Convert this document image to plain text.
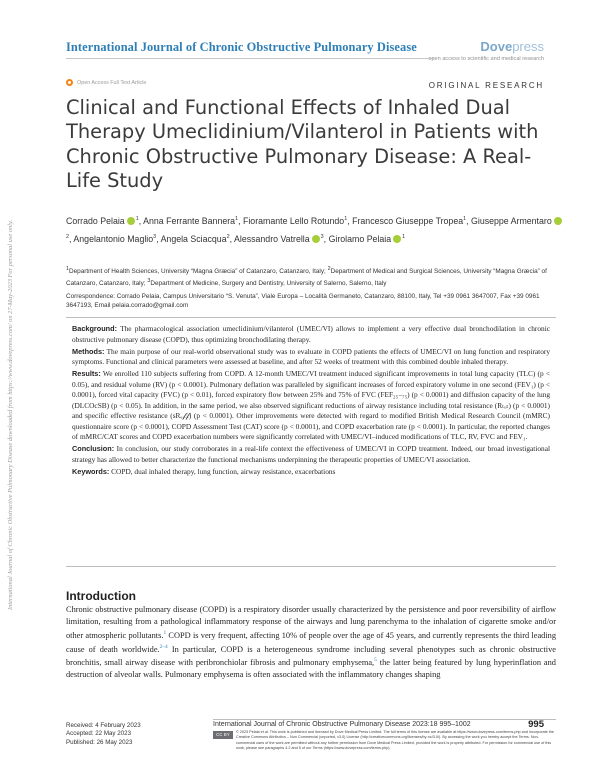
International Journal of Chronic Obstructive Pulmonary Disease downloaded from https://www.dovepress.com/ on 27-May-2023 For personal use only.
International Journal of Chronic Obstructive Pulmonary Disease	Dovepress
open access to scientific and medical research
Open Access Full Text Article	ORIGINAL RESEARCH
Clinical and Functional Effects of Inhaled Dual Therapy Umeclidinium/Vilanterol in Patients with Chronic Obstructive Pulmonary Disease: A Real-Life Study
Corrado Pelaia $^1$, Anna Ferrante Bannera$^1$, Fioramante Lello Rotundo$^1$, Francesco Giuseppe Tropea$^1$, Giuseppe Armentaro$^2$, Angelantonio Maglio$^3$, Angela Sciacqua$^2$, Alessandro Vatrella $^3$, Girolamo Pelaia $^1$
$^1$Department of Health Sciences, University “Magna Græcia” of Catanzaro, Catanzaro, Italy; $^2$Department of Medical and Surgical Sciences, University “Magna Græcia” of Catanzaro, Catanzaro, Italy; $^3$Department of Medicine, Surgery and Dentistry, University of Salerno, Salerno, Italy
Correspondence: Corrado Pelaia, Campus Universitario “S. Venuta”, Viale Europa – Località Germaneto, Catanzaro, 88100, Italy, Tel +39 0961 3647007, Fax +39 0961 3647193, Email pelaia.corrado@gmail.com

Background: The pharmacological association umeclidinium/vilanterol (UMEC/VI) allows to implement a very effective dual bronchodilation in chronic obstructive pulmonary disease (COPD), thus optimizing bronchodilating therapy.

Methods: The main purpose of our real-world observational study was to evaluate in COPD patients the effects of UMEC/VI on lung function and respiratory symptoms. Functional and clinical parameters were assessed at baseline, and after 52 weeks of treatment with this combined double inhaled therapy.

Results: We enrolled 110 subjects suffering from COPD. A 12-month UMEC/VI treatment induced significant improvements in total lung capacity (TLC) (p < 0.05), and residual volume (RV) (p < 0.0001). Pulmonary deflation was paralleled by significant increases of forced expiratory volume in one second (FEV₁) (p < 0.0001), forced vital capacity (FVC) (p < 0.01), forced expiratory flow between 25% and 75% of FVC (FEF₂₅₋₇₅) (p < 0.0001) and diffusion capacity of the lung (DLCOcSB) (p < 0.05). In addition, in the same period, we also observed significant reductions of airway resistance including total resistance (Rₜₒₜ) (p < 0.0001) and specific effective resistance (sRₑ𝒻𝒻) (p < 0.0001). Other improvements were detected with regard to modified British Medical Research Council (mMRC) questionnaire score (p < 0.0001), COPD Assessment Test (CAT) score (p < 0.0001), and COPD exacerbation rate (p < 0.0001). In particular, the reported changes of mMRC/CAT scores and COPD exacerbation numbers were significantly correlated with UMEC/VI–induced modifications of TLC, RV, FVC and FEV₁.

Conclusion: In conclusion, our study corroborates in a real-life context the effectiveness of UMEC/VI in COPD treatment. Indeed, our broad investigational strategy has allowed to better characterize the functional mechanisms underpinning the therapeutic properties of UMEC/VI association.

Keywords: COPD, dual inhaled therapy, lung function, airway resistance, exacerbations

Introduction

Chronic obstructive pulmonary disease (COPD) is a respiratory disorder usually characterized by the persistence and poor reversibility of airflow limitation, resulting from a pathological inflammatory response of the airways and lung parenchyma to the inhalation of cigarette smoke and/or other atmospheric pollutants.$^1$ COPD is very frequent, affecting 10% of people over the age of 45 years, and currently represents the third leading cause of death worldwide.$^{2-4}$ In particular, COPD is a heterogeneous syndrome including several phenotypes such as chronic obstructive bronchitis, small airway disease with peribronchiolar fibrosis and pulmonary emphysema,$^5$ the latter being featured by lung hyperinflation and destruction of alveolar walls. Pulmonary emphysema is often associated with the inflammatory changes shaping

Received: 4 February 2023
Accepted: 22 May 2023
Published: 26 May 2023
International Journal of Chronic Obstructive Pulmonary Disease 2023:18 995–1002	995
CC BY NC

© 2023 Pelaia et al. This work is published and licensed by Dove Medical Press Limited. The full terms of this license are available at https://www.dovepress.com/terms.php and incorporate the Creative Commons Attribution – Non Commercial (unported, v3.0) License (http://creativecommons.org/licenses/by-nc/3.0/). By accessing the work you hereby accept the Terms. Non-commercial uses of the work are permitted without any further permission from Dove Medical Press Limited, provided the work is properly attributed. For permission for commercial use of this work, please see paragraphs 4.2 and 5 of our Terms (https://www.dovepress.com/terms.php).
